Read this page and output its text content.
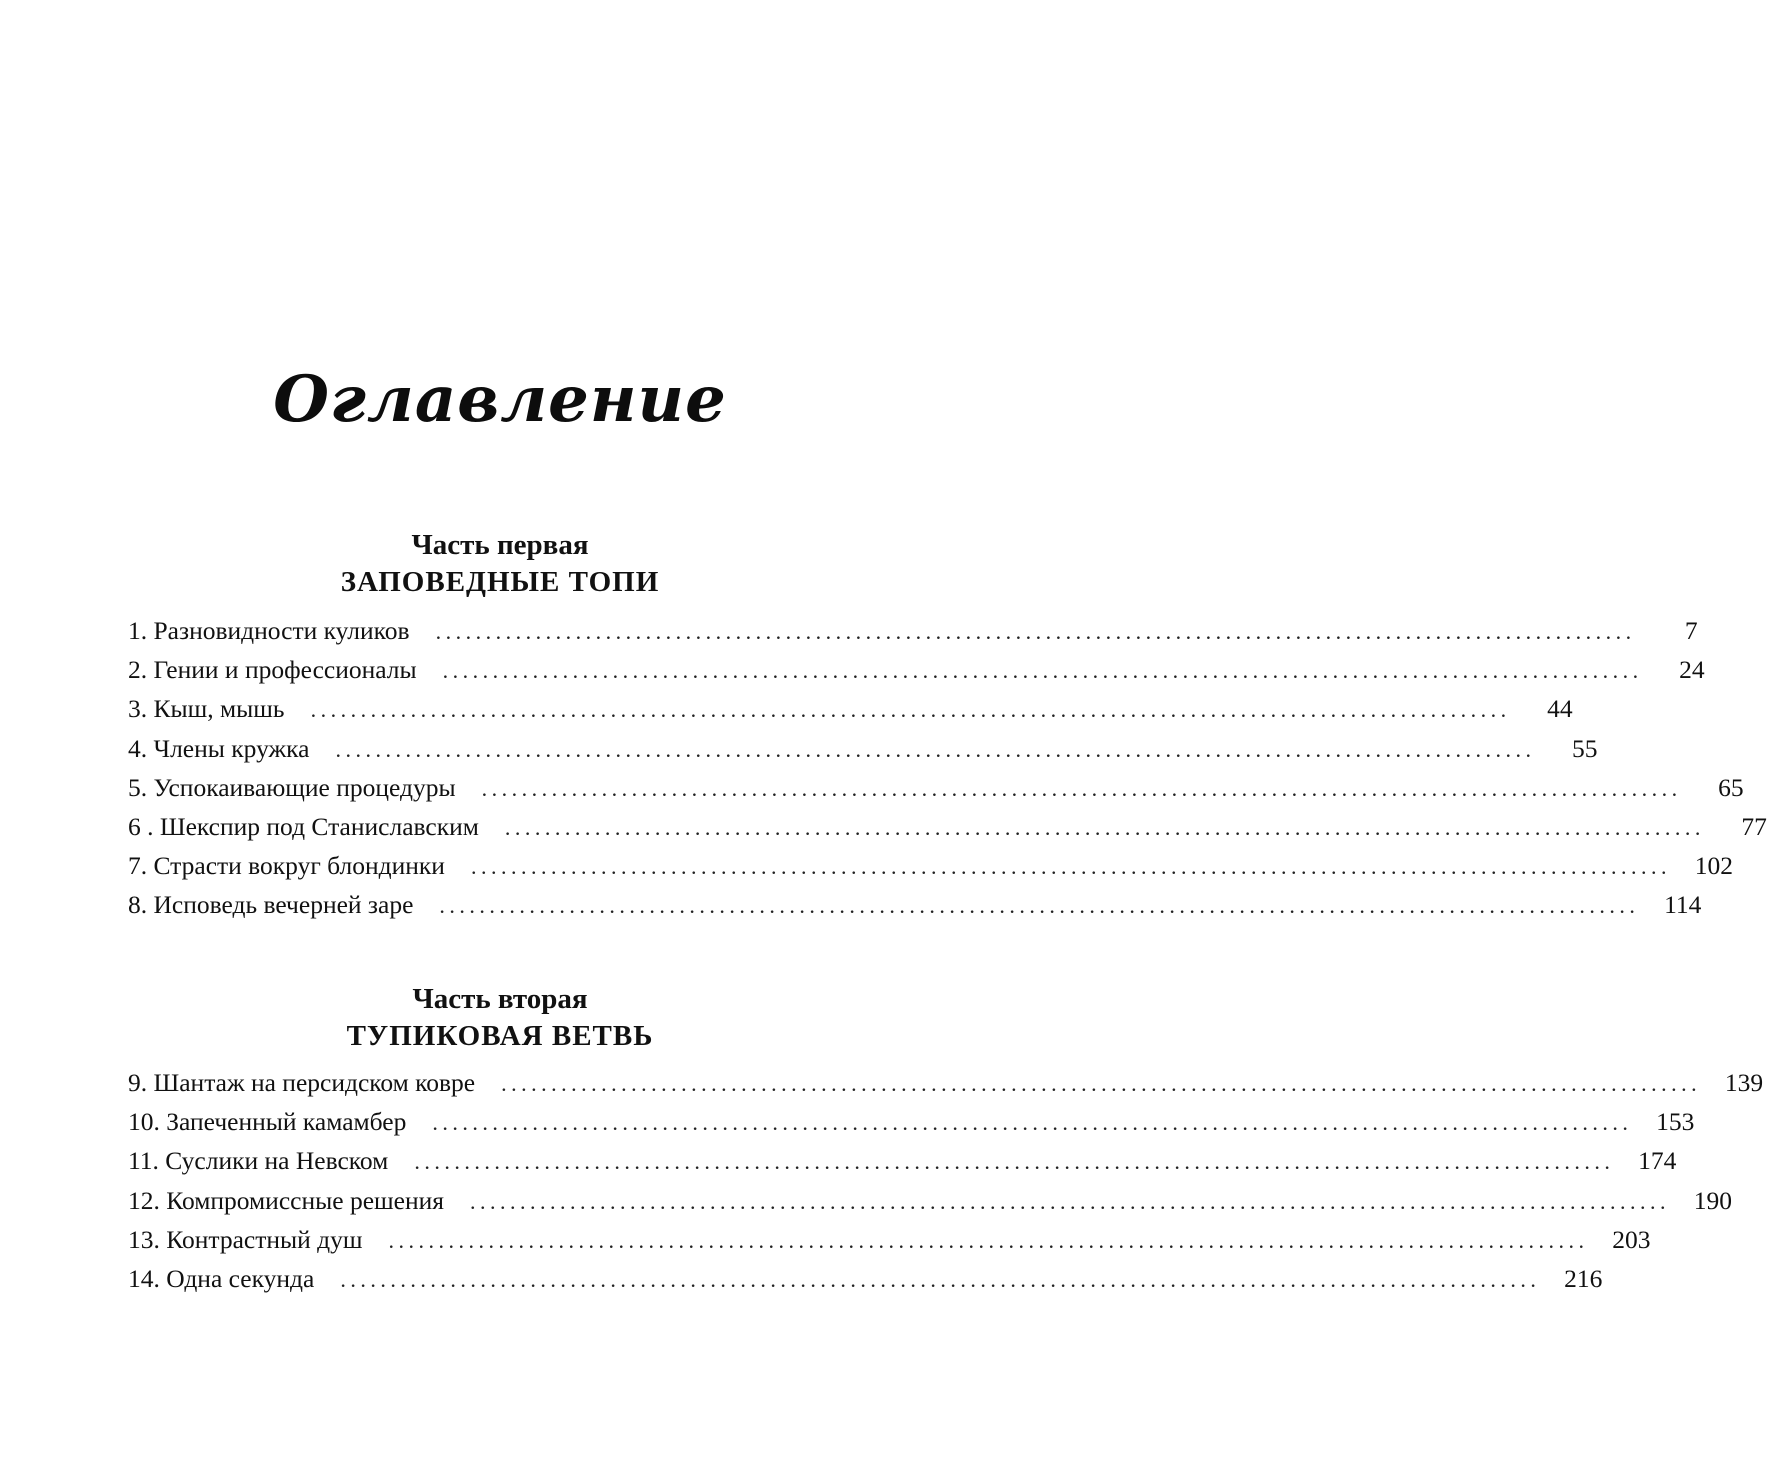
Оглавление
Часть первая
ЗАПОВЕДНЫЕ ТОПИ
1. Разновидности куликов ........................................................................................................................	7
2. Гении и профессионалы ........................................................................................................................	24
3. Кыш, мышь ........................................................................................................................	44
4. Члены кружка ........................................................................................................................	55
5. Успокаивающие процедуры ........................................................................................................................	65
6 . Шекспир под Станиславским ........................................................................................................................	77
7. Страсти вокруг блондинки ........................................................................................................................ 102
8. Исповедь вечерней заре ........................................................................................................................ 114
Часть вторая
ТУПИКОВАЯ ВЕТВЬ
9. Шантаж на персидском ковре ........................................................................................................................ 139
10. Запеченный камамбер ........................................................................................................................ 153
11. Суслики на Невском ........................................................................................................................ 174
12. Компромиссные решения ........................................................................................................................ 190
13. Контрастный душ ........................................................................................................................ 203
14. Одна секунда ........................................................................................................................ 216
